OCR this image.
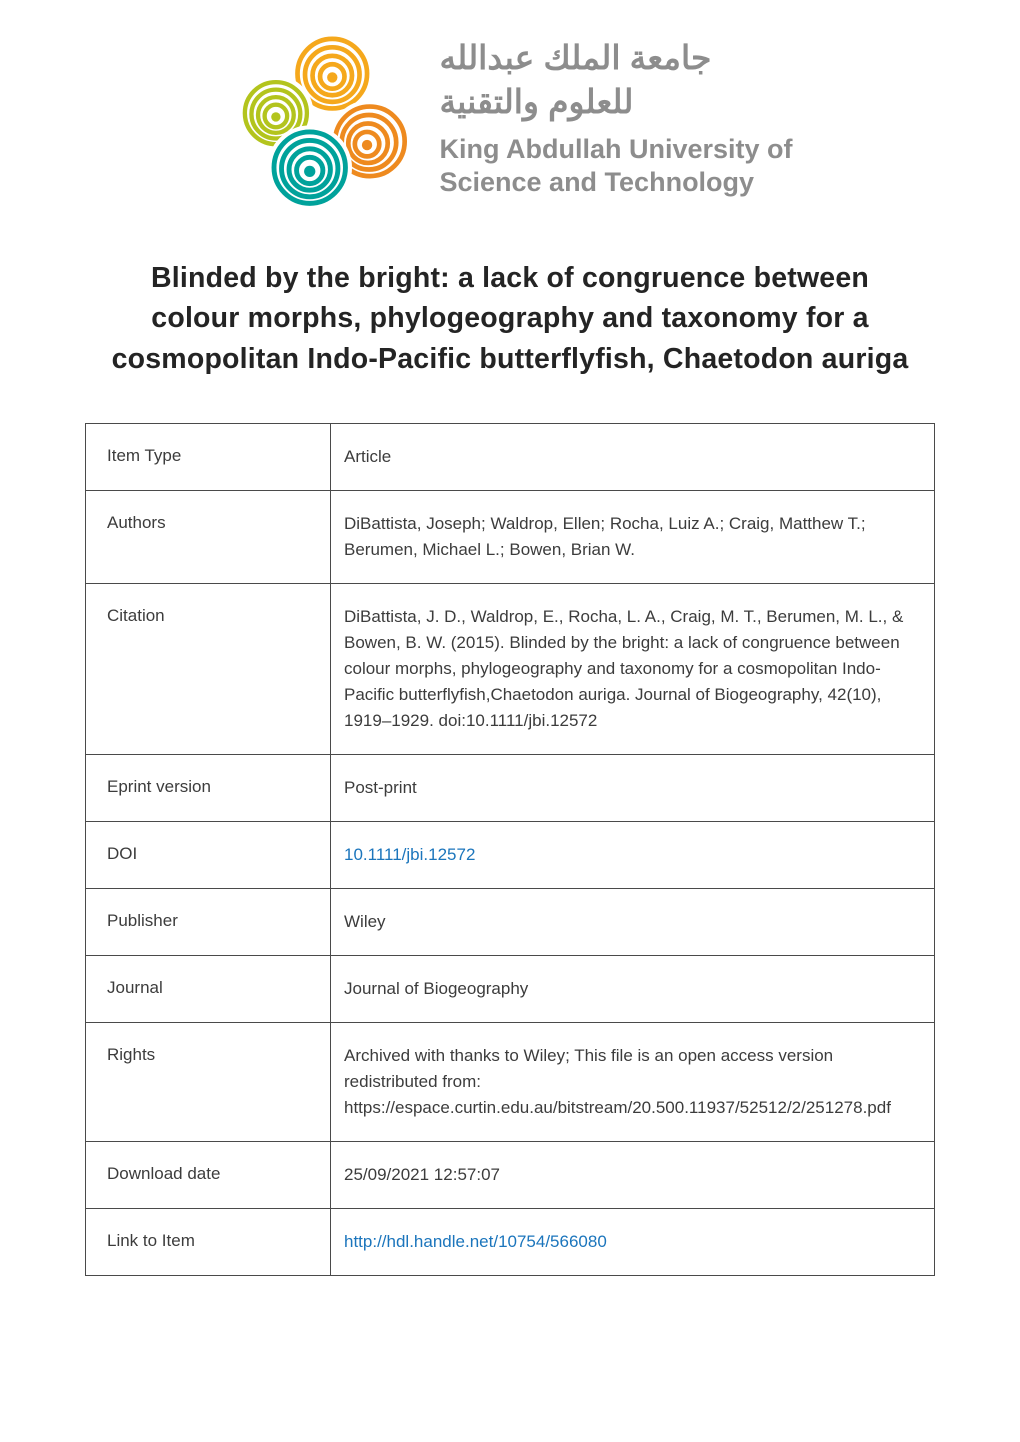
جامعة الملك عبدالله
للعلوم والتقنية
King Abdullah University of
Science and Technology
Blinded by the bright: a lack of congruence between
colour morphs, phylogeography and taxonomy for a
cosmopolitan Indo-Pacific butterflyfish, Chaetodon auriga
Item Type	Article
Authors	DiBattista, Joseph; Waldrop, Ellen; Rocha, Luiz A.; Craig, Matthew T.; Berumen, Michael L.; Bowen, Brian W.
Citation	DiBattista, J. D., Waldrop, E., Rocha, L. A., Craig, M. T., Berumen, M. L., & Bowen, B. W. (2015). Blinded by the bright: a lack of congruence between colour morphs, phylogeography and taxonomy for a cosmopolitan Indo-Pacific butterflyfish,Chaetodon auriga. Journal of Biogeography, 42(10), 1919–1929. doi:10.1111/jbi.12572
Eprint version	Post-print
DOI	10.1111/jbi.12572
Publisher	Wiley
Journal	Journal of Biogeography
Rights	Archived with thanks to Wiley; This file is an open access version redistributed from: https://espace.curtin.edu.au/bitstream/20.500.11937/52512/2/251278.pdf
Download date	25/09/2021 12:57:07
Link to Item	http://hdl.handle.net/10754/566080
